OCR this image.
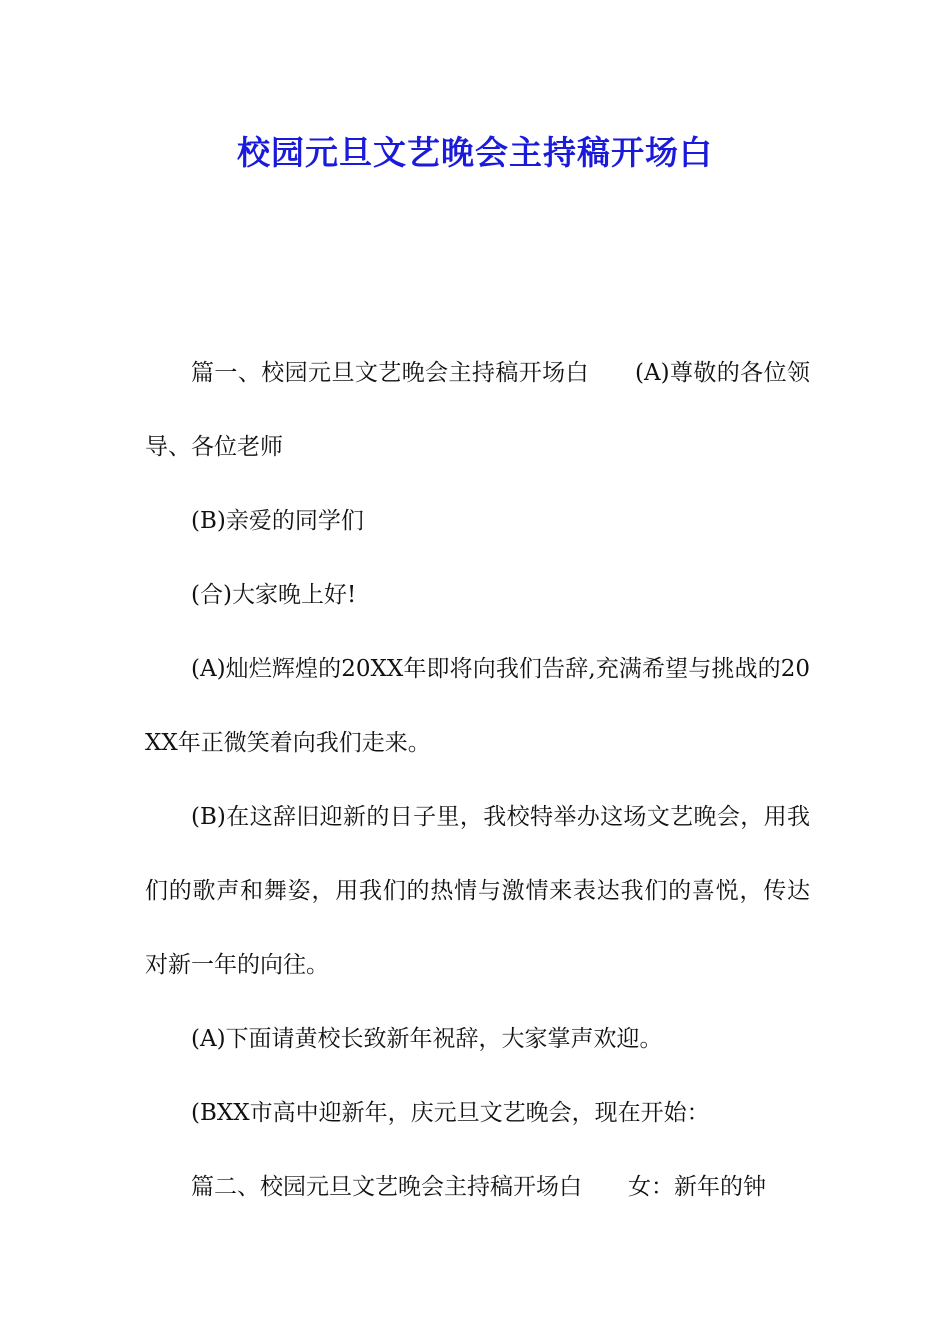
校园元旦文艺晚会主持稿开场白

篇一、校园元旦文艺晚会主持稿开场白 (A)尊敬的各位领导、各位老师

(B)亲爱的同学们

(合)大家晚上好!

(A)灿烂辉煌的20XX年即将向我们告辞,充满希望与挑战的20XX年正微笑着向我们走来。

(B)在这辞旧迎新的日子里，我校特举办这场文艺晚会，用我们的歌声和舞姿，用我们的热情与激情来表达我们的喜悦，传达对新一年的向往。

(A)下面请黄校长致新年祝辞，大家掌声欢迎。

(BXX市高中迎新年，庆元旦文艺晚会，现在开始：

篇二、校园元旦文艺晚会主持稿开场白 女：新年的钟
